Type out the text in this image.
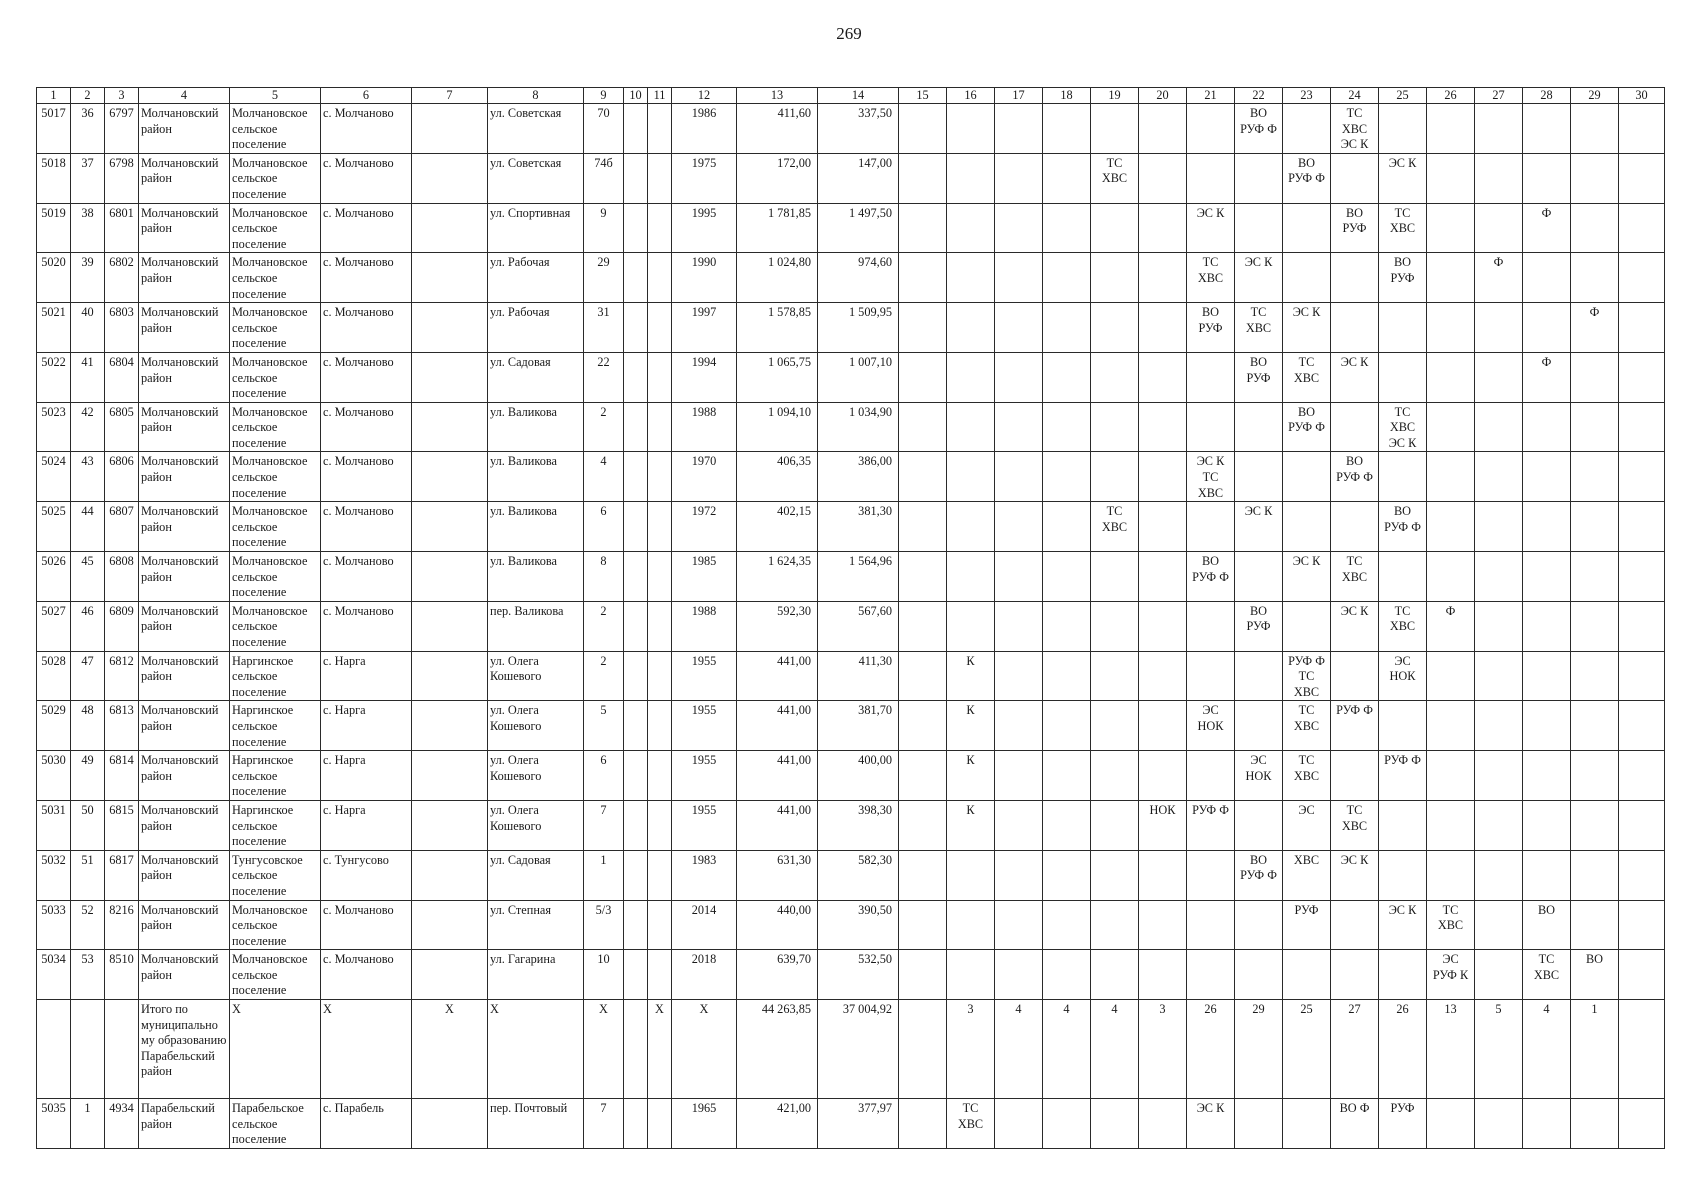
269
1	2	3	4	5	6	7	8	9	10	11	12	13	14	15	16	17	18	19	20	21	22	23	24	25	26	27	28	29	30
5017	36	6797	Молчановский район	Молчановское сельское поселение	с. Молчаново		ул. Советская	70			1986	411,60	337,50								ВО РУФ Ф		ТС ХВС ЭС К						
5018	37	6798	Молчановский район	Молчановское сельское поселение	с. Молчаново		ул. Советская	74б			1975	172,00	147,00					ТС ХВС				ВО РУФ Ф		ЭС К					
5019	38	6801	Молчановский район	Молчановское сельское поселение	с. Молчаново		ул. Спортивная	9			1995	1 781,85	1 497,50							ЭС К			ВО РУФ	ТС ХВС			Ф		
5020	39	6802	Молчановский район	Молчановское сельское поселение	с. Молчаново		ул. Рабочая	29			1990	1 024,80	974,60							ТС ХВС	ЭС К			ВО РУФ		Ф			
5021	40	6803	Молчановский район	Молчановское сельское поселение	с. Молчаново		ул. Рабочая	31			1997	1 578,85	1 509,95							ВО РУФ	ТС ХВС	ЭС К						Ф	
5022	41	6804	Молчановский район	Молчановское сельское поселение	с. Молчаново		ул. Садовая	22			1994	1 065,75	1 007,10								ВО РУФ	ТС ХВС	ЭС К				Ф		
5023	42	6805	Молчановский район	Молчановское сельское поселение	с. Молчаново		ул. Валикова	2			1988	1 094,10	1 034,90									ВО РУФ Ф		ТС ХВС ЭС К					
5024	43	6806	Молчановский район	Молчановское сельское поселение	с. Молчаново		ул. Валикова	4			1970	406,35	386,00							ЭС К ТС ХВС			ВО РУФ Ф						
5025	44	6807	Молчановский район	Молчановское сельское поселение	с. Молчаново		ул. Валикова	6			1972	402,15	381,30					ТС ХВС			ЭС К			ВО РУФ Ф					
5026	45	6808	Молчановский район	Молчановское сельское поселение	с. Молчаново		ул. Валикова	8			1985	1 624,35	1 564,96							ВО РУФ Ф		ЭС К	ТС ХВС						
5027	46	6809	Молчановский район	Молчановское сельское поселение	с. Молчаново		пер. Валикова	2			1988	592,30	567,60								ВО РУФ		ЭС К	ТС ХВС	Ф				
5028	47	6812	Молчановский район	Наргинское сельское поселение	с. Нарга		ул. Олега Кошевого	2			1955	441,00	411,30		К							РУФ Ф ТС ХВС		ЭС НОК					
5029	48	6813	Молчановский район	Наргинское сельское поселение	с. Нарга		ул. Олега Кошевого	5			1955	441,00	381,70		К					ЭС НОК		ТС ХВС	РУФ Ф						
5030	49	6814	Молчановский район	Наргинское сельское поселение	с. Нарга		ул. Олега Кошевого	6			1955	441,00	400,00		К						ЭС НОК	ТС ХВС		РУФ Ф					
5031	50	6815	Молчановский район	Наргинское сельское поселение	с. Нарга		ул. Олега Кошевого	7			1955	441,00	398,30		К				НОК	РУФ Ф		ЭС	ТС ХВС						
5032	51	6817	Молчановский район	Тунгусовское сельское поселение	с. Тунгусово		ул. Садовая	1			1983	631,30	582,30								ВО РУФ Ф	ХВС	ЭС К						
5033	52	8216	Молчановский район	Молчановское сельское поселение	с. Молчаново		ул. Степная	5/3			2014	440,00	390,50									РУФ		ЭС К	ТС ХВС		ВО		
5034	53	8510	Молчановский район	Молчановское сельское поселение	с. Молчаново		ул. Гагарина	10			2018	639,70	532,50												ЭС РУФ К		ТС ХВС	ВО	
			Итого по муниципально му образованию Парабельский район	X	X	X	X	X		X	X	44 263,85	37 004,92		3	4	4	4	3	26	29	25	27	26	13	5	4	1	
5035	1	4934	Парабельский район	Парабельское сельское поселение	с. Парабель		пер. Почтовый	7			1965	421,00	377,97		ТС ХВС					ЭС К			ВО Ф	РУФ					
